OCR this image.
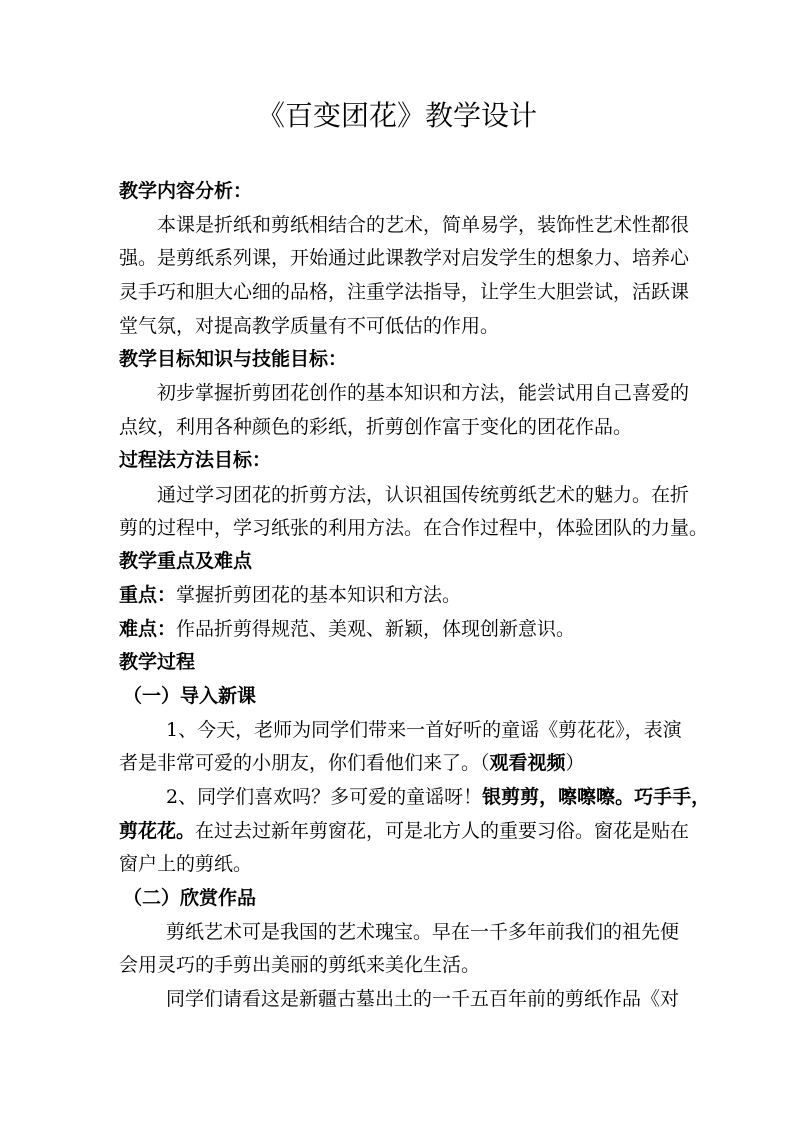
《百变团花》教学设计
教学内容分析：
本课是折纸和剪纸相结合的艺术，简单易学，装饰性艺术性都很
强。是剪纸系列课，开始通过此课教学对启发学生的想象力、培养心
灵手巧和胆大心细的品格，注重学法指导，让学生大胆尝试，活跃课
堂气氛，对提高教学质量有不可低估的作用。
教学目标知识与技能目标：
初步掌握折剪团花创作的基本知识和方法，能尝试用自己喜爱的
点纹，利用各种颜色的彩纸，折剪创作富于变化的团花作品。
过程法方法目标：
通过学习团花的折剪方法，认识祖国传统剪纸艺术的魅力。在折
剪的过程中，学习纸张的利用方法。在合作过程中，体验团队的力量。
教学重点及难点
重点：掌握折剪团花的基本知识和方法。
难点：作品折剪得规范、美观、新颖，体现创新意识。
教学过程
（一）导入新课
1、今天，老师为同学们带来一首好听的童谣《剪花花》，表演
者是非常可爱的小朋友，你们看他们来了。（观看视频）
2、同学们喜欢吗？多可爱的童谣呀！银剪剪，嚓嚓嚓。巧手手，
剪花花。在过去过新年剪窗花，可是北方人的重要习俗。窗花是贴在
窗户上的剪纸。
（二）欣赏作品
剪纸艺术可是我国的艺术瑰宝。早在一千多年前我们的祖先便
会用灵巧的手剪出美丽的剪纸来美化生活。
同学们请看这是新疆古墓出土的一千五百年前的剪纸作品《对
